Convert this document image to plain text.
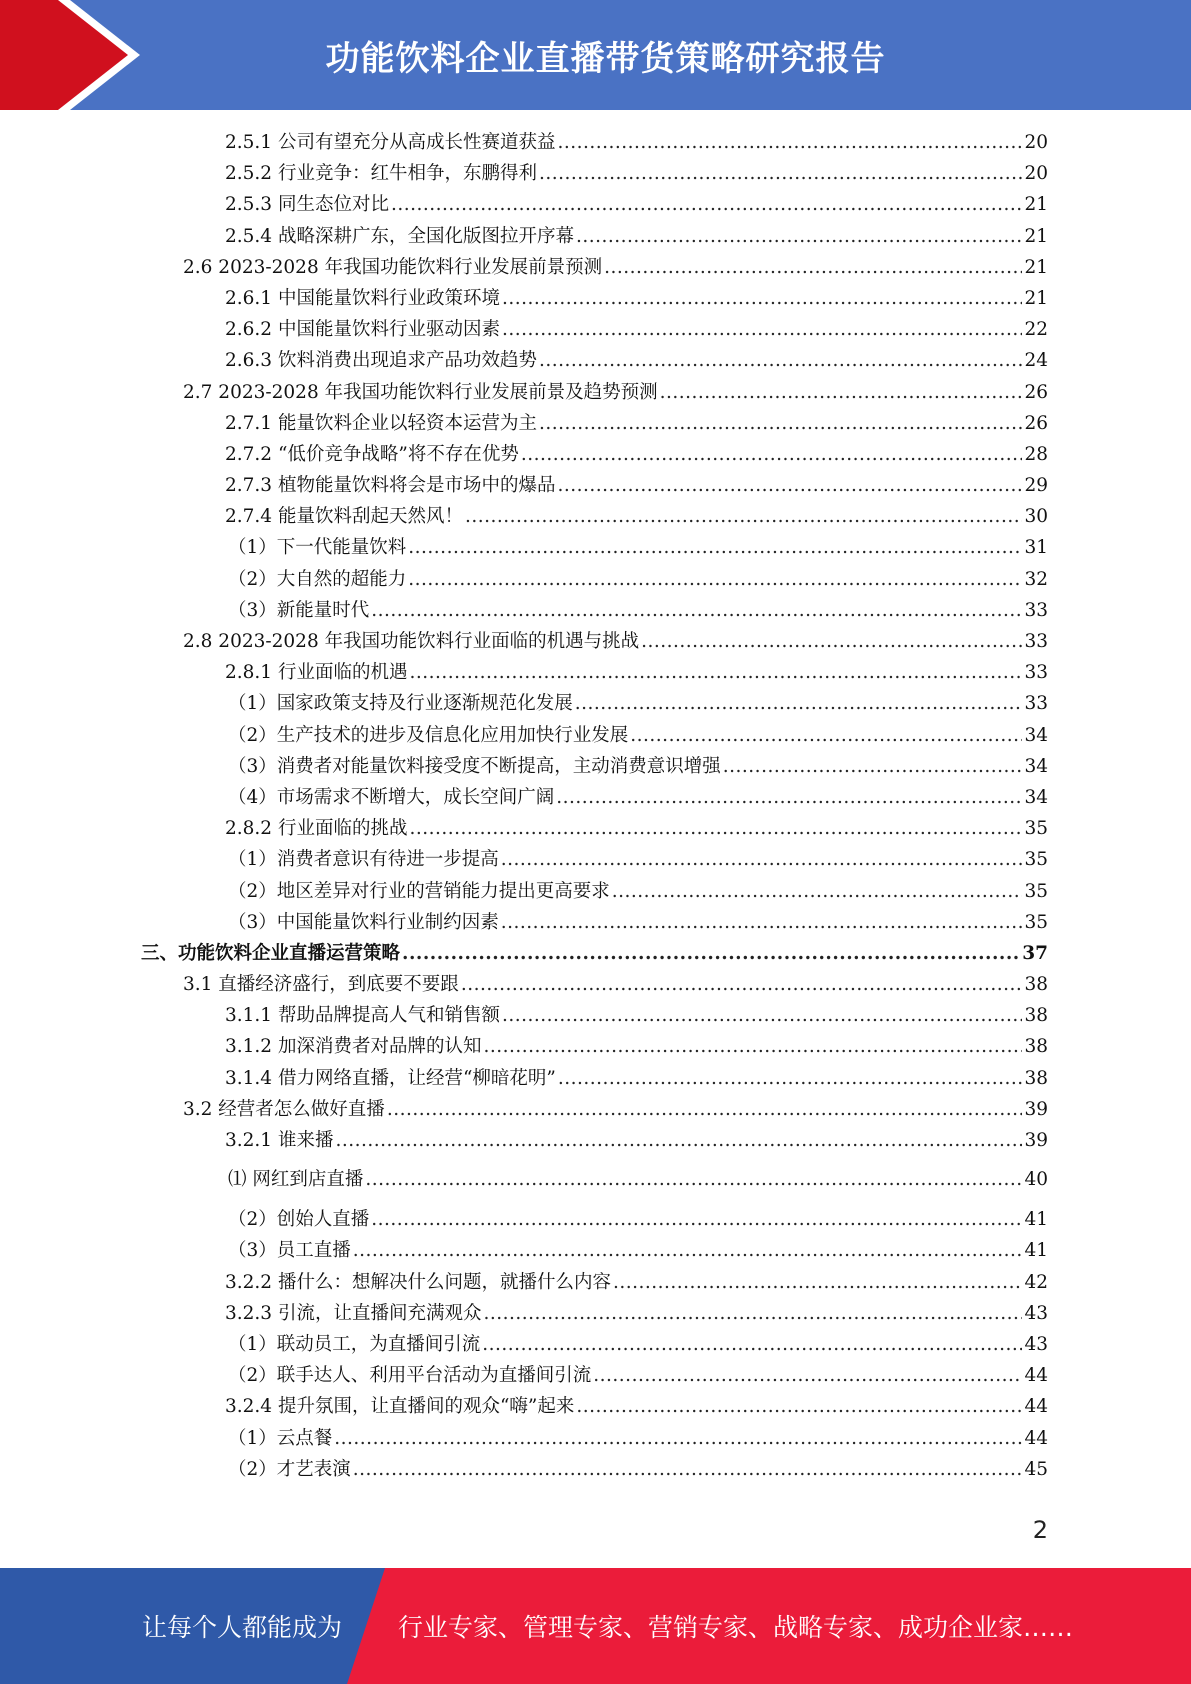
功能饮料企业直播带货策略研究报告
2.5.1 公司有望充分从高成长性赛道获益 .....	20
2.5.2 行业竞争：红牛相争，东鹏得利 .....	20
2.5.3 同生态位对比 .....	21
2.5.4 战略深耕广东，全国化版图拉开序幕 .....	21
2.6 2023-2028 年我国功能饮料行业发展前景预测 .....	21
2.6.1 中国能量饮料行业政策环境 .....	21
2.6.2 中国能量饮料行业驱动因素 .....	22
2.6.3 饮料消费出现追求产品功效趋势 .....	24
2.7 2023-2028 年我国功能饮料行业发展前景及趋势预测 .....	26
2.7.1 能量饮料企业以轻资本运营为主 .....	26
2.7.2 “低价竞争战略”将不存在优势 .....	28
2.7.3 植物能量饮料将会是市场中的爆品 .....	29
2.7.4 能量饮料刮起天然风！ .....	30
（1）下一代能量饮料 .....	31
（2）大自然的超能力 .....	32
（3）新能量时代 .....	33
2.8 2023-2028 年我国功能饮料行业面临的机遇与挑战 .....	33
2.8.1 行业面临的机遇 .....	33
（1）国家政策支持及行业逐渐规范化发展 .....	33
（2）生产技术的进步及信息化应用加快行业发展 .....	34
（3）消费者对能量饮料接受度不断提高，主动消费意识增强 .....	34
（4）市场需求不断增大，成长空间广阔 .....	34
2.8.2 行业面临的挑战 .....	35
（1）消费者意识有待进一步提高 .....	35
（2）地区差异对行业的营销能力提出更高要求 .....	35
（3）中国能量饮料行业制约因素 .....	35
三、功能饮料企业直播运营策略 .....	37
3.1 直播经济盛行，到底要不要跟 .....	38
3.1.1 帮助品牌提高人气和销售额 .....	38
3.1.2 加深消费者对品牌的认知 .....	38
3.1.4 借力网络直播，让经营“柳暗花明” .....	38
3.2 经营者怎么做好直播 .....	39
3.2.1 谁来播 .....	39
⑴ 网红到店直播 .....	40
（2）创始人直播 .....	41
（3）员工直播 .....	41
3.2.2 播什么：想解决什么问题，就播什么内容 .....	42
3.2.3 引流，让直播间充满观众 .....	43
（1）联动员工，为直播间引流 .....	43
（2）联手达人、利用平台活动为直播间引流 .....	44
3.2.4 提升氛围，让直播间的观众“嗨”起来 .....	44
（1）云点餐 .....	44
（2）才艺表演 .....	45
2
让每个人都能成为 行业专家、管理专家、营销专家、战略专家、成功企业家……
